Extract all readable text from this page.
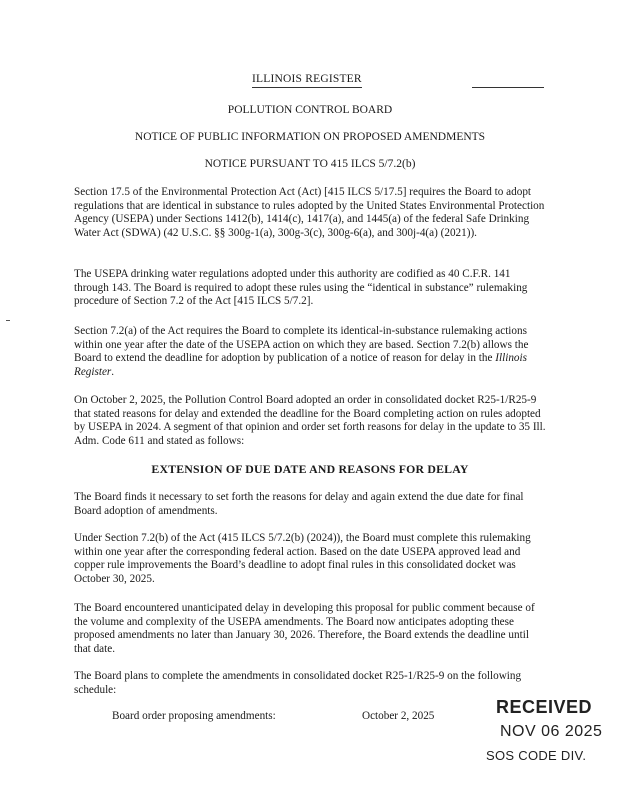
ILLINOIS REGISTER
POLLUTION CONTROL BOARD
NOTICE OF PUBLIC INFORMATION ON PROPOSED AMENDMENTS
NOTICE PURSUANT TO 415 ILCS 5/7.2(b)

Section 17.5 of the Environmental Protection Act (Act) [415 ILCS 5/17.5] requires the Board to adopt regulations that are identical in substance to rules adopted by the United States Environmental Protection Agency (USEPA) under Sections 1412(b), 1414(c), 1417(a), and 1445(a) of the federal Safe Drinking Water Act (SDWA) (42 U.S.C. §§ 300g-1(a), 300g-3(c), 300g-6(a), and 300j-4(a) (2021)).

The USEPA drinking water regulations adopted under this authority are codified as 40 C.F.R. 141 through 143. The Board is required to adopt these rules using the “identical in substance” rulemaking procedure of Section 7.2 of the Act [415 ILCS 5/7.2].

Section 7.2(a) of the Act requires the Board to complete its identical-in-substance rulemaking actions within one year after the date of the USEPA action on which they are based. Section 7.2(b) allows the Board to extend the deadline for adoption by publication of a notice of reason for delay in the Illinois Register.

On October 2, 2025, the Pollution Control Board adopted an order in consolidated docket R25-1/R25-9 that stated reasons for delay and extended the deadline for the Board completing action on rules adopted by USEPA in 2024. A segment of that opinion and order set forth reasons for delay in the update to 35 Ill. Adm. Code 611 and stated as follows:

EXTENSION OF DUE DATE AND REASONS FOR DELAY

The Board finds it necessary to set forth the reasons for delay and again extend the due date for final Board adoption of amendments.

Under Section 7.2(b) of the Act (415 ILCS 5/7.2(b) (2024)), the Board must complete this rulemaking within one year after the corresponding federal action. Based on the date USEPA approved lead and copper rule improvements the Board’s deadline to adopt final rules in this consolidated docket was October 30, 2025.

The Board encountered unanticipated delay in developing this proposal for public comment because of the volume and complexity of the USEPA amendments. The Board now anticipates adopting these proposed amendments no later than January 30, 2026. Therefore, the Board extends the deadline until that date.

The Board plans to complete the amendments in consolidated docket R25-1/R25-9 on the following schedule:

Board order proposing amendments:	October 2, 2025	RECEIVED
NOV 06 2025
SOS CODE DIV.
